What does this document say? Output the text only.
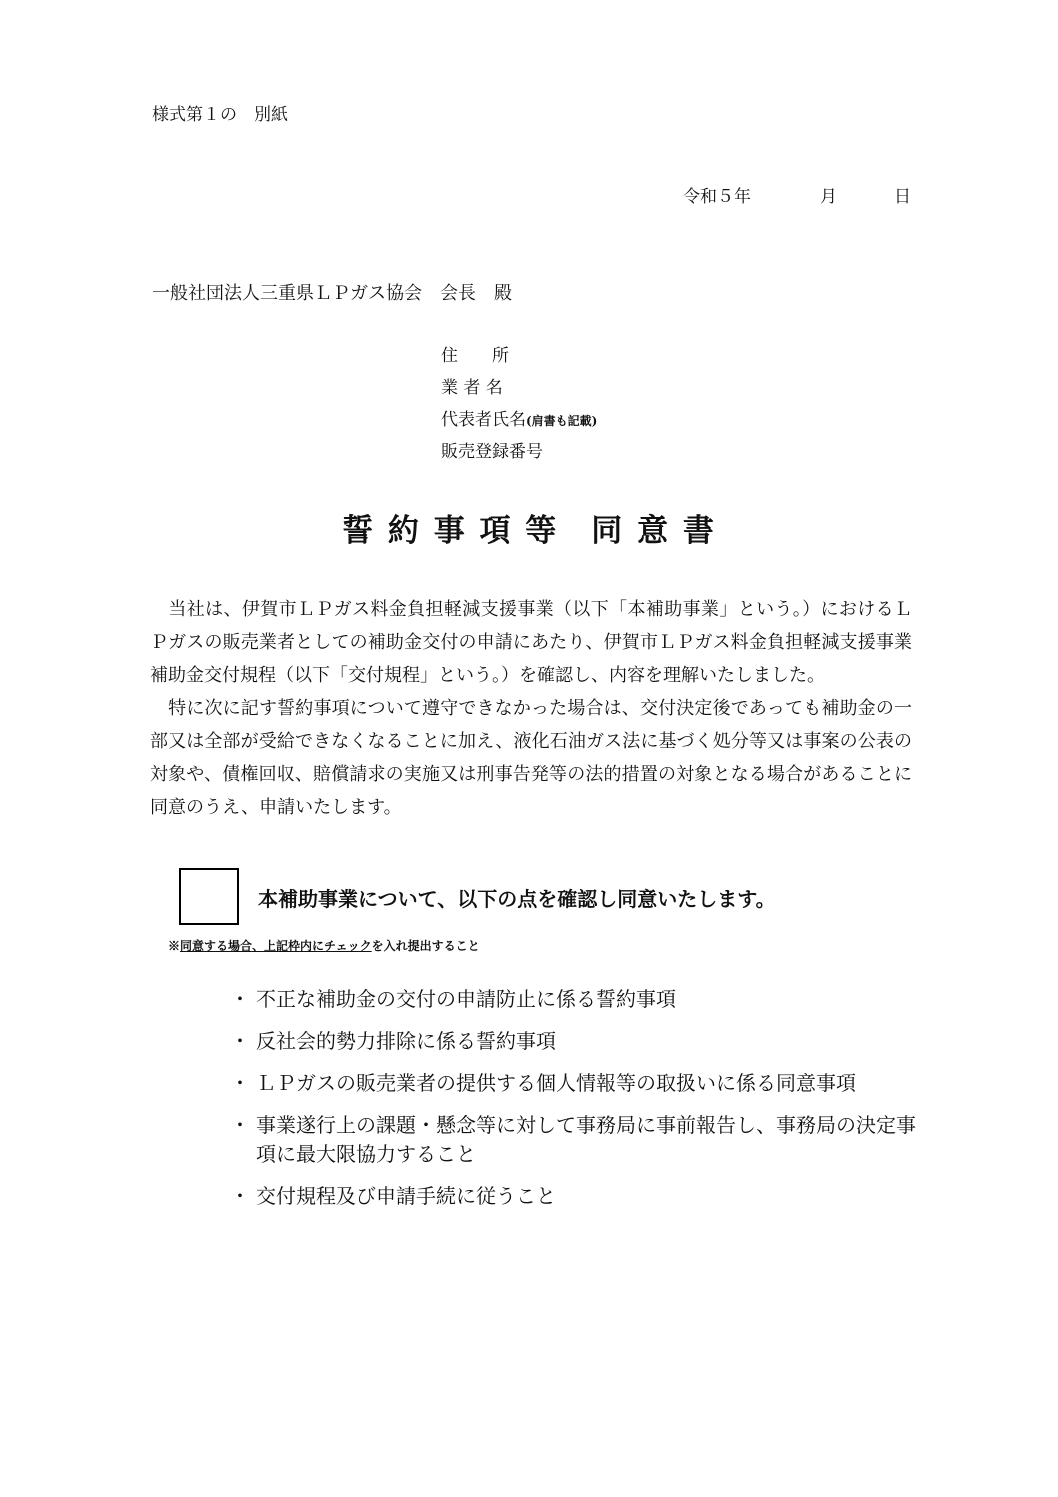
様式第１の　別紙
令和５年	月	日
一般社団法人三重県ＬＰガス協会　会長　殿
住　　所
業 者 名
代表者氏名(肩書も記載)
販売登録番号
誓 約 事 項 等　同 意 書
　当社は、伊賀市ＬＰガス料金負担軽減支援事業（以下「本補助事業」という。）におけるＬＰガスの販売業者としての補助金交付の申請にあたり、伊賀市ＬＰガス料金負担軽減支援事業補助金交付規程（以下「交付規程」という。）を確認し、内容を理解いたしました。
　特に次に記す誓約事項について遵守できなかった場合は、交付決定後であっても補助金の一部又は全部が受給できなくなることに加え、液化石油ガス法に基づく処分等又は事案の公表の対象や、債権回収、賠償請求の実施又は刑事告発等の法的措置の対象となる場合があることに同意のうえ、申請いたします。
本補助事業について、以下の点を確認し同意いたします。
※同意する場合、上記枠内にチェックを入れ提出すること
・ 不正な補助金の交付の申請防止に係る誓約事項
・ 反社会的勢力排除に係る誓約事項
・ ＬＰガスの販売業者の提供する個人情報等の取扱いに係る同意事項
・ 事業遂行上の課題・懸念等に対して事務局に事前報告し、事務局の決定事項に最大限協力すること
・ 交付規程及び申請手続に従うこと
